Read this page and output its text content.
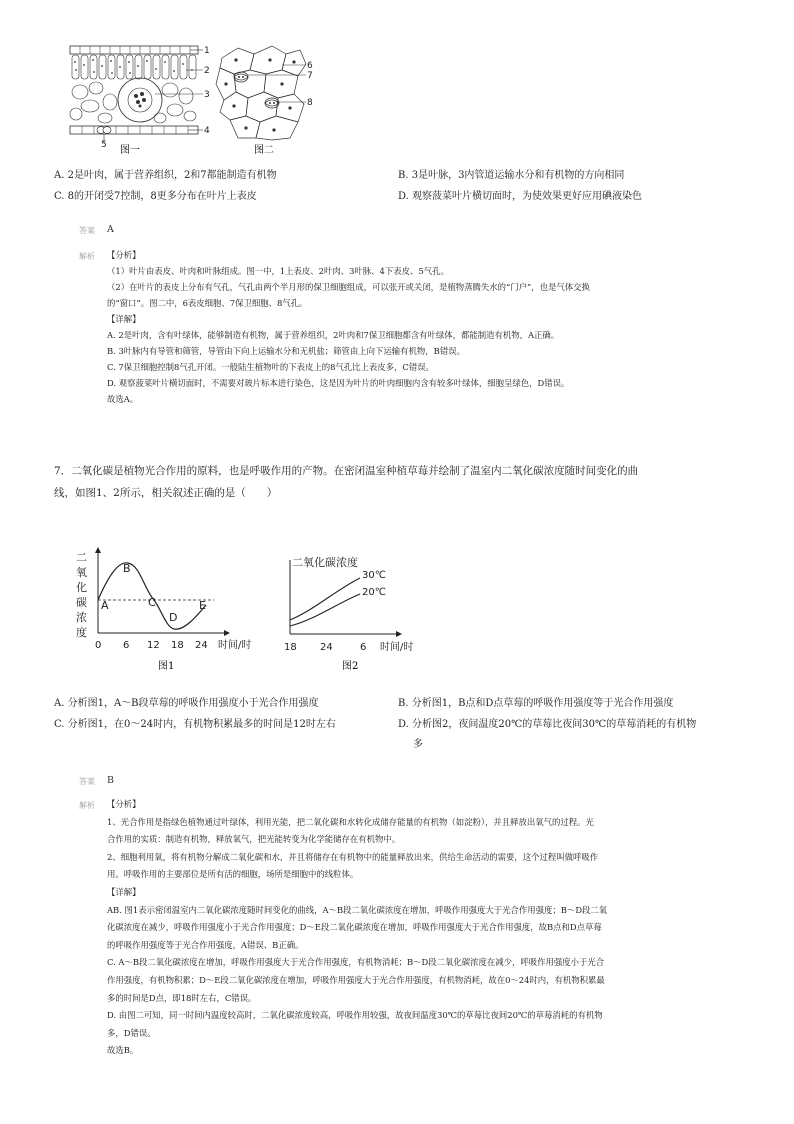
1
2
3
4
5 图一
6
7
8
图二
A. 2是叶肉，属于营养组织，2和7都能制造有机物	B. 3是叶脉，3内管道运输水分和有机物的方向相同
C. 8的开闭受7控制，8更多分布在叶片上表皮	D. 观察菠菜叶片横切面时，为使效果更好应用碘液染色
答案 A
解析 【分析】
（1）叶片由表皮、叶肉和叶脉组成。图一中，1上表皮、2叶肉、3叶脉、4下表皮、5气孔。
（2）在叶片的表皮上分布有气孔，气孔由两个半月形的保卫细胞组成，可以张开或关闭，是植物蒸腾失水的“门户”，也是气体交换
的“窗口”。图二中，6表皮细胞、7保卫细胞、8气孔。
【详解】
A. 2是叶肉，含有叶绿体，能够制造有机物，属于营养组织，2叶肉和7保卫细胞都含有叶绿体，都能制造有机物，A正确。
B. 3叶脉内有导管和筛管，导管由下向上运输水分和无机盐；筛管由上向下运输有机物，B错误。
C. 7保卫细胞控制8气孔开闭。一般陆生植物叶的下表皮上的8气孔比上表皮多，C错误。
D. 观察菠菜叶片横切面时，不需要对玻片标本进行染色，这是因为叶片的叶肉细胞内含有较多叶绿体，细胞呈绿色，D错误。
故选A。
7．二氧化碳是植物光合作用的原料，也是呼吸作用的产物。在密闭温室种植草莓并绘制了温室内二氧化碳浓度随时间变化的曲
线，如图1、2所示，相关叙述正确的是（　　）
二
氧
化
碳
浓
度
A
B
C
D
E
0 6 12 18 24 时间/时
图1
二氧化碳浓度
30℃
20℃
18 24	6 时间/时
图2
A. 分析图1，A～B段草莓的呼吸作用强度小于光合作用强度	B. 分析图1，B点和D点草莓的呼吸作用强度等于光合作用强度
C. 分析图1，在0～24时内，有机物积累最多的时间是12时左右	D. 分析图2，夜间温度20℃的草莓比夜间30℃的草莓消耗的有机物
多
答案 B
解析 【分析】
1、光合作用是指绿色植物通过叶绿体，利用光能，把二氧化碳和水转化成储存能量的有机物（如淀粉），并且释放出氧气的过程。光
合作用的实质：制造有机物，释放氧气，把光能转变为化学能储存在有机物中。
2、细胞利用氧，将有机物分解成二氧化碳和水，并且将储存在有机物中的能量释放出来，供给生命活动的需要，这个过程叫做呼吸作
用。呼吸作用的主要部位是所有活的细胞，场所是细胞中的线粒体。
【详解】
AB. 图1表示密闭温室内二氧化碳浓度随时间变化的曲线，A～B段二氧化碳浓度在增加，呼吸作用强度大于光合作用强度；B～D段二氧
化碳浓度在减少，呼吸作用强度小于光合作用强度；D～E段二氧化碳浓度在增加，呼吸作用强度大于光合作用强度，故B点和D点草莓
的呼吸作用强度等于光合作用强度，A错误、B正确。
C. A～B段二氧化碳浓度在增加，呼吸作用强度大于光合作用强度，有机物消耗；B～D段二氧化碳浓度在减少，呼吸作用强度小于光合
作用强度，有机物积累；D～E段二氧化碳浓度在增加，呼吸作用强度大于光合作用强度，有机物消耗，故在0～24时内，有机物积累最
多的时间是D点，即18时左右，C错误。
D. 由图二可知，同一时间内温度较高时，二氧化碳浓度较高，呼吸作用较强，故夜间温度30℃的草莓比夜间20℃的草莓消耗的有机物
多，D错误。
故选B。
